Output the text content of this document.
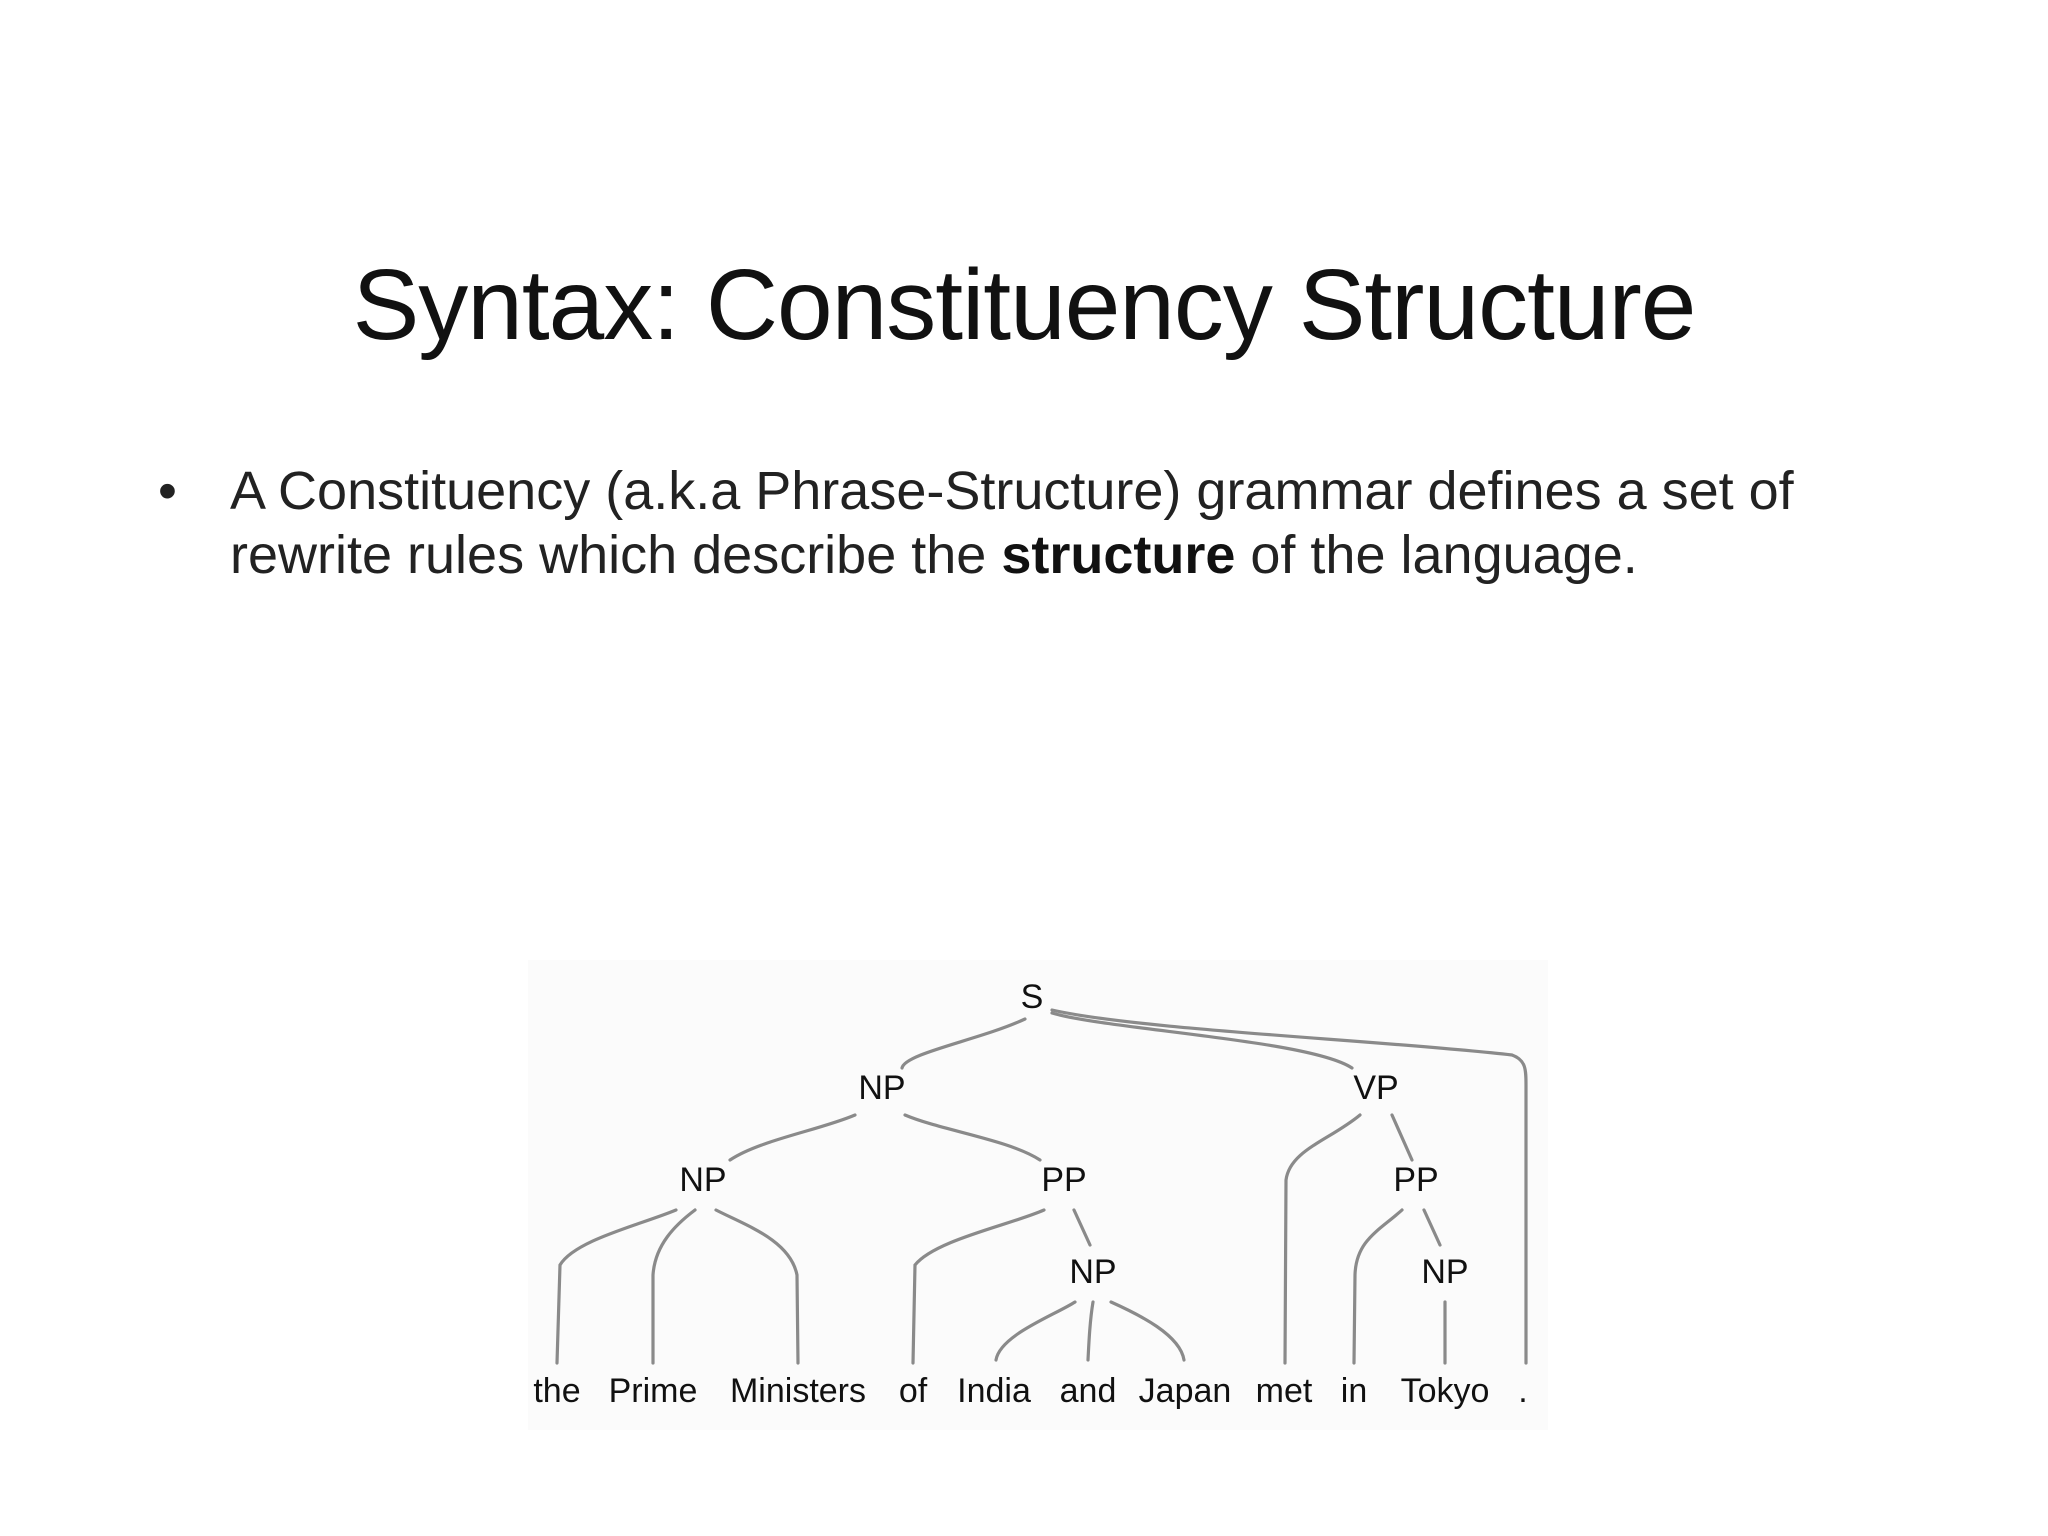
Syntax: Constituency Structure
• A Constituency (a.k.a Phrase-Structure) grammar defines a set of rewrite rules which describe the structure of the language.
S
NP	VP
NP	PP	PP
NP	NP
the Prime Ministers of India and Japan met in Tokyo .
